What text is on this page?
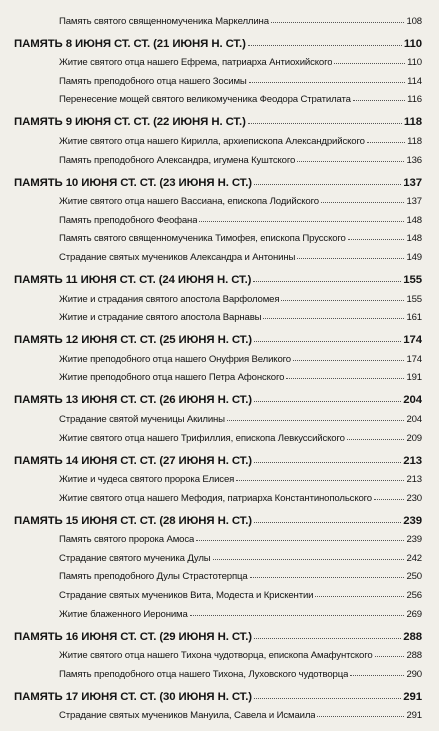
Память святого священномученика Маркеллина	108
ПАМЯТЬ 8 ИЮНЯ СТ. СТ. (21 ИЮНЯ Н. СТ.)	110
Житие святого отца нашего Ефрема, патриарха Антиохийского	110
Память преподобного отца нашего Зосимы	114
Перенесение мощей святого великомученика Феодора Стратилата	116
ПАМЯТЬ 9 ИЮНЯ СТ. СТ. (22 ИЮНЯ Н. СТ.)	118
Житие святого отца нашего Кирилла, архиепископа Александрийского	118
Память преподобного Александра, игумена Куштского	136
ПАМЯТЬ 10 ИЮНЯ СТ. СТ. (23 ИЮНЯ Н. СТ.)	137
Житие святого отца нашего Вассиана, епископа Лодийского	137
Память преподобного Феофана	148
Память святого священномученика Тимофея, епископа Прусского	148
Страдание святых мучеников Александра и Антонины	149
ПАМЯТЬ 11 ИЮНЯ СТ. СТ. (24 ИЮНЯ Н. СТ.)	155
Житие и страдания святого апостола Варфоломея	155
Житие и страдание святого апостола Варнавы	161
ПАМЯТЬ 12 ИЮНЯ СТ. СТ. (25 ИЮНЯ Н. СТ.)	174
Житие преподобного отца нашего Онуфрия Великого	174
Житие преподобного отца нашего Петра Афонского	191
ПАМЯТЬ 13 ИЮНЯ СТ. СТ. (26 ИЮНЯ Н. СТ.)	204
Страдание святой мученицы Акилины	204
Житие святого отца нашего Трифиллия, епископа Левкуссийского	209
ПАМЯТЬ 14 ИЮНЯ СТ. СТ. (27 ИЮНЯ Н. СТ.)	213
Житие и чудеса святого пророка Елисея	213
Житие святого отца нашего Мефодия, патриарха Константинопольского	230
ПАМЯТЬ 15 ИЮНЯ СТ. СТ. (28 ИЮНЯ Н. СТ.)	239
Память святого пророка Амоса	239
Страдание святого мученика Дулы	242
Память преподобного Дулы Страстотерпца	250
Страдание святых мучеников Вита, Модеста и Крискентии	256
Житие блаженного Иеронима	269
ПАМЯТЬ 16 ИЮНЯ СТ. СТ. (29 ИЮНЯ Н. СТ.)	288
Житие святого отца нашего Тихона чудотворца, епископа Амафунтского	288
Память преподобного отца нашего Тихона, Луховского чудотворца	290
ПАМЯТЬ 17 ИЮНЯ СТ. СТ. (30 ИЮНЯ Н. СТ.)	291
Страдание святых мучеников Мануила, Савела и Исмаила	291
